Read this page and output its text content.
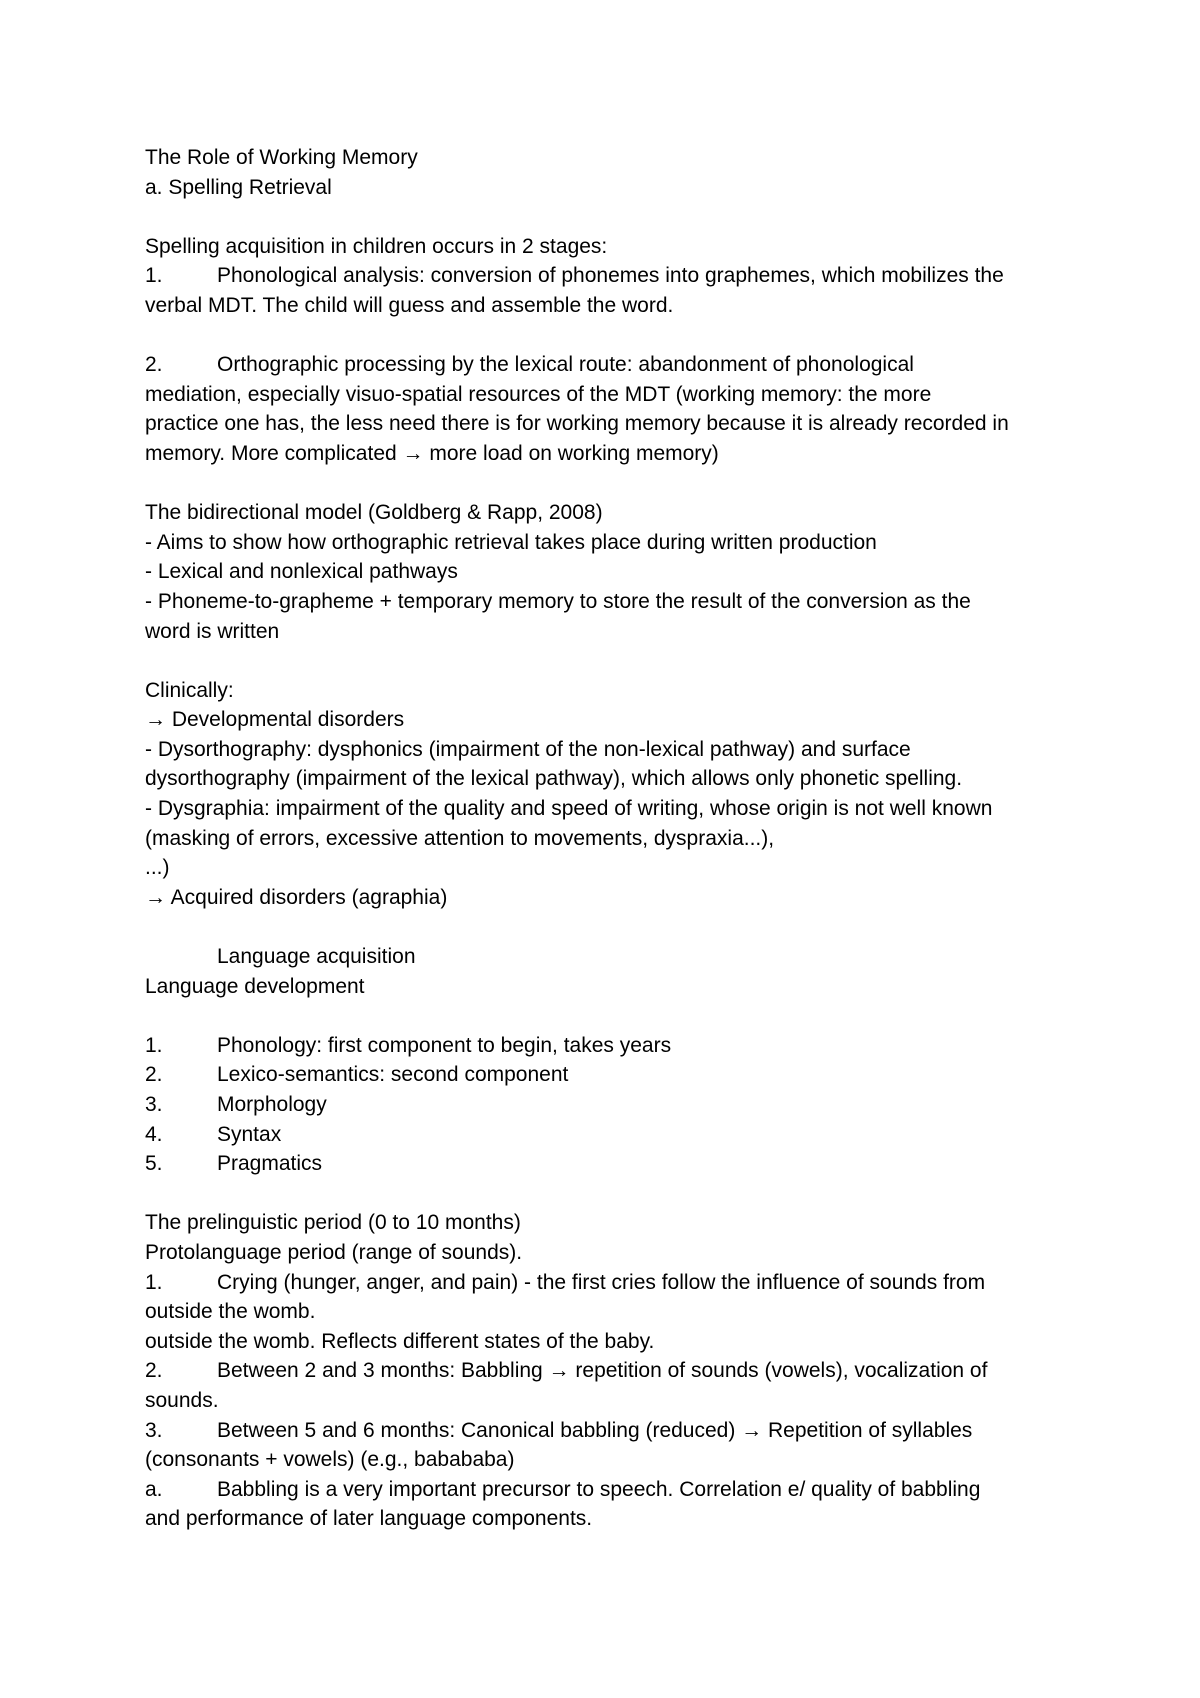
The Role of Working Memory
a. Spelling Retrieval
Spelling acquisition in children occurs in 2 stages:
1.	Phonological analysis: conversion of phonemes into graphemes, which mobilizes the
verbal MDT. The child will guess and assemble the word.
2.	Orthographic processing by the lexical route: abandonment of phonological
mediation, especially visuo-spatial resources of the MDT (working memory: the more
practice one has, the less need there is for working memory because it is already recorded in
memory. More complicated → more load on working memory)
The bidirectional model (Goldberg & Rapp, 2008)
- Aims to show how orthographic retrieval takes place during written production
- Lexical and nonlexical pathways
- Phoneme-to-grapheme + temporary memory to store the result of the conversion as the
word is written
Clinically:
→ Developmental disorders
- Dysorthography: dysphonics (impairment of the non-lexical pathway) and surface
dysorthography (impairment of the lexical pathway), which allows only phonetic spelling.
- Dysgraphia: impairment of the quality and speed of writing, whose origin is not well known
(masking of errors, excessive attention to movements, dyspraxia...),
...)
→ Acquired disorders (agraphia)
Language acquisition
Language development
1.	Phonology: first component to begin, takes years
2.	Lexico-semantics: second component
3.	Morphology
4.	Syntax
5.	Pragmatics
The prelinguistic period (0 to 10 months)
Protolanguage period (range of sounds).
1.	Crying (hunger, anger, and pain) - the first cries follow the influence of sounds from
outside the womb.
outside the womb. Reflects different states of the baby.
2.	Between 2 and 3 months: Babbling → repetition of sounds (vowels), vocalization of
sounds.
3.	Between 5 and 6 months: Canonical babbling (reduced) → Repetition of syllables
(consonants + vowels) (e.g., babababa)
a.	Babbling is a very important precursor to speech. Correlation e/ quality of babbling
and performance of later language components.
